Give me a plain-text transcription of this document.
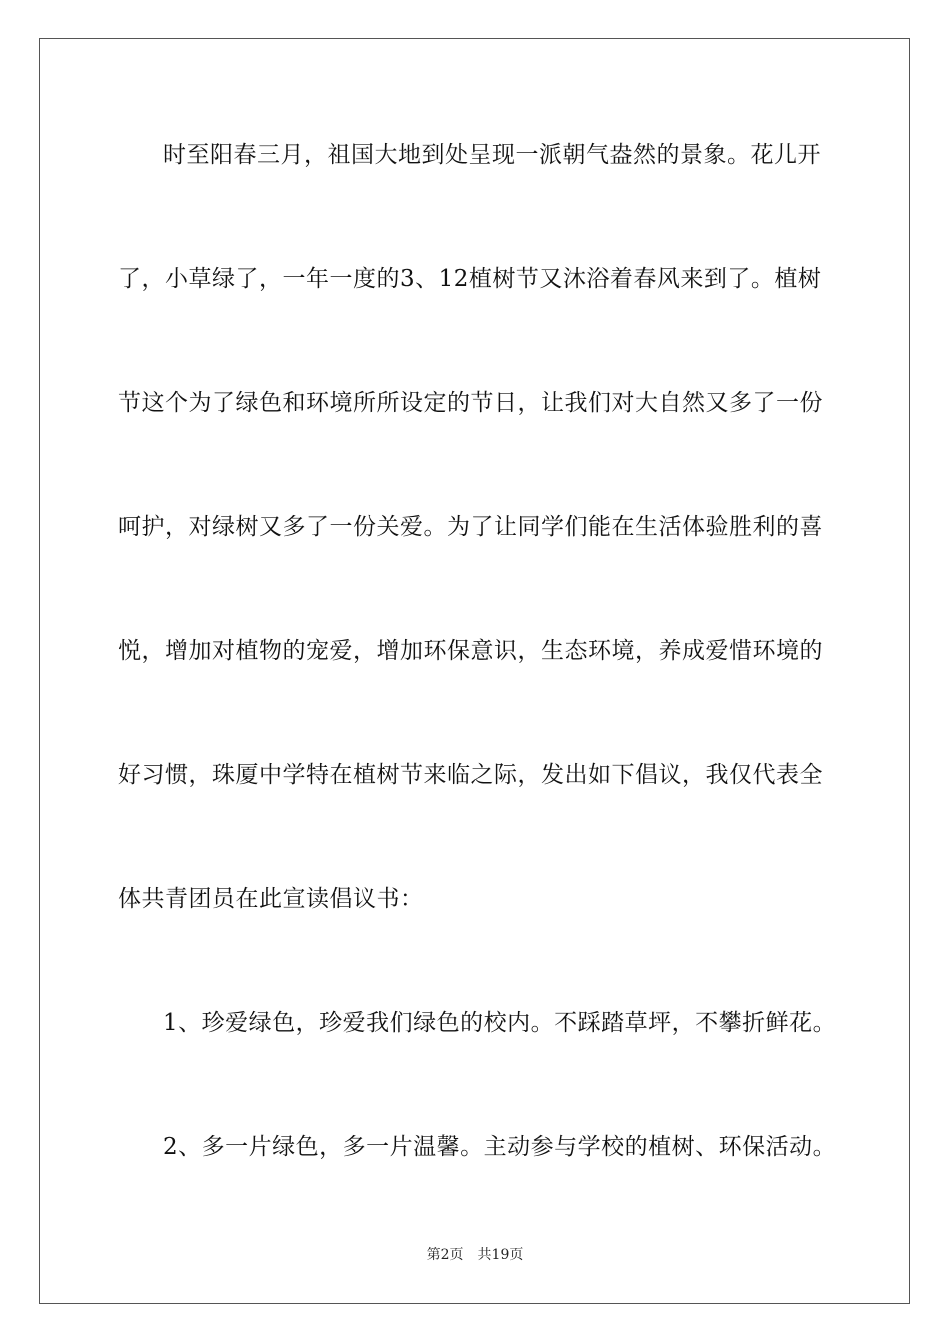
时至阳春三月，祖国大地到处呈现一派朝气盎然的景象。花儿开
了，小草绿了，一年一度的3、12植树节又沐浴着春风来到了。植树
节这个为了绿色和环境所所设定的节日，让我们对大自然又多了一份
呵护，对绿树又多了一份关爱。为了让同学们能在生活体验胜利的喜
悦，增加对植物的宠爱，增加环保意识，生态环境，养成爱惜环境的
好习惯，珠厦中学特在植树节来临之际，发出如下倡议，我仅代表全
体共青团员在此宣读倡议书：
1、珍爱绿色，珍爱我们绿色的校内。不踩踏草坪，不攀折鲜花。
2、多一片绿色，多一片温馨。主动参与学校的植树、环保活动。
第2页 共19页
